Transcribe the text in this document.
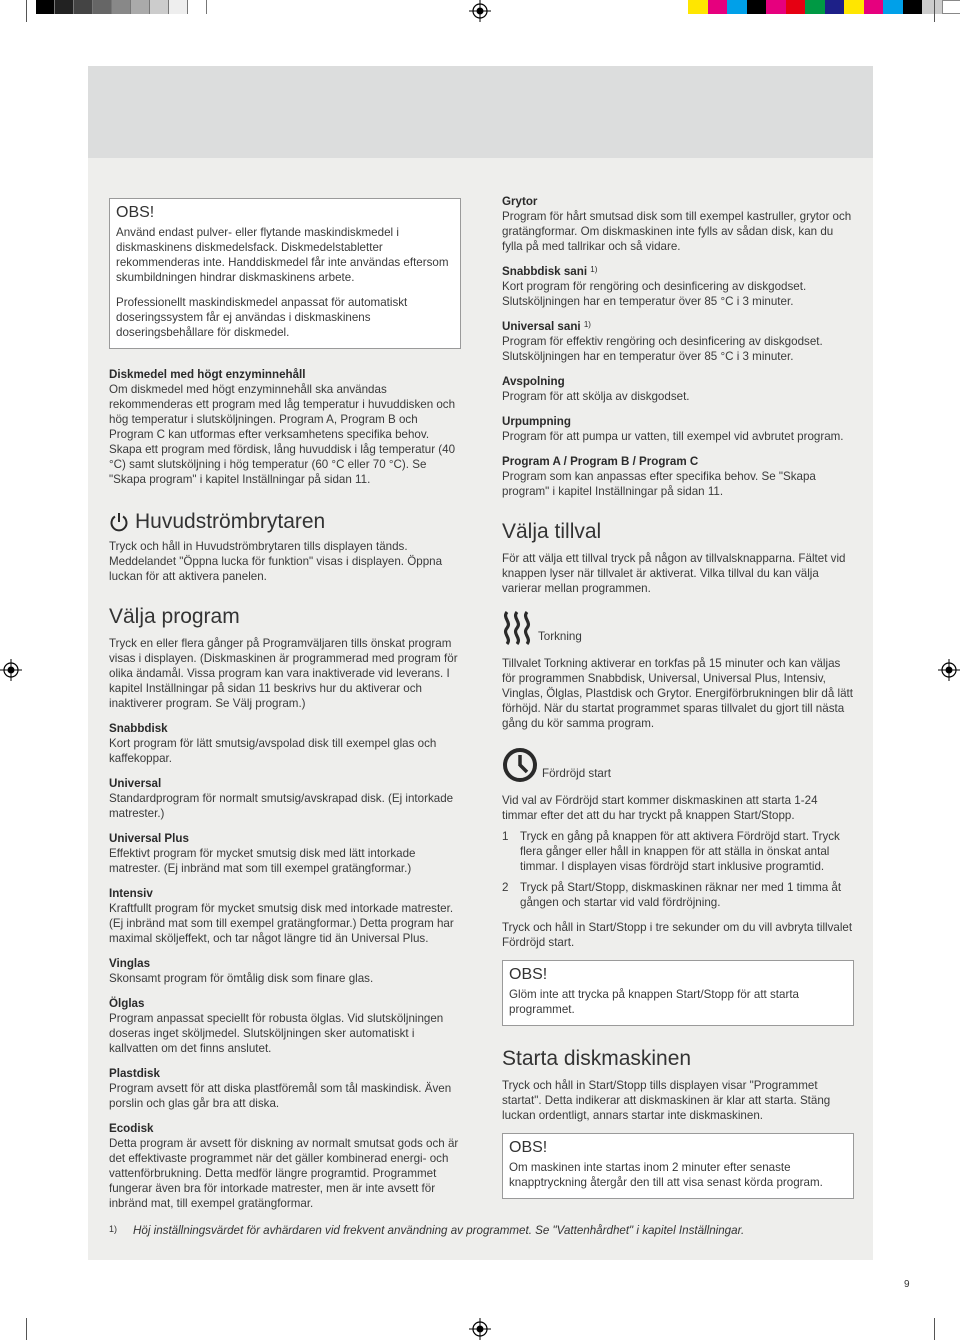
OBS!

Använd endast pulver- eller flytande maskindiskmedel i diskmaskinens diskmedelsfack. Diskmedelstabletter rekommenderas inte. Handdiskmedel får inte användas eftersom skumbildningen hindrar diskmaskinens arbete.

Professionellt maskindiskmedel anpassat för automatiskt doseringssystem får ej användas i diskmaskinens doseringsbehållare för diskmedel.

Diskmedel med högt enzyminnehåll
Om diskmedel med högt enzyminnehåll ska användas rekommenderas ett program med låg temperatur i huvuddisken och hög temperatur i slutsköljningen. Program A, Program B och Program C kan utformas efter verksamhetens specifika behov. Skapa ett program med fördisk, lång huvuddisk i låg temperatur (40 °C) samt slutsköljning i hög temperatur (60 °C eller 70 °C). Se "Skapa program" i kapitel Inställningar på sidan 11.
Huvudströmbrytaren
Tryck och håll in Huvudströmbrytaren tills displayen tänds. Meddelandet "Öppna lucka för funktion" visas i displayen. Öppna luckan för att aktivera panelen.
Välja program
Tryck en eller flera gånger på Programväljaren tills önskat program visas i displayen. (Diskmaskinen är programmerad med program för olika ändamål. Vissa program kan vara inaktiverade vid leverans. I kapitel Inställningar på sidan 11 beskrivs hur du aktiverar och inaktiverer program. Se Välj program.)
Snabbdisk
Kort program för lätt smutsig/avspolad disk till exempel glas och kaffekoppar.
Universal
Standardprogram för normalt smutsig/avskrapad disk. (Ej intorkade matrester.)
Universal Plus
Effektivt program för mycket smutsig disk med lätt intorkade matrester. (Ej inbränd mat som till exempel gratängformar.)
Intensiv
Kraftfullt program för mycket smutsig disk med intorkade matrester. (Ej inbränd mat som till exempel gratängformar.) Detta program har maximal sköljeffekt, och tar något längre tid än Universal Plus.
Vinglas
Skonsamt program för ömtålig disk som finare glas.
Ölglas
Program anpassat speciellt för robusta ölglas. Vid slutsköljningen doseras inget sköljmedel. Slutsköljningen sker automatiskt i kallvatten om det finns anslutet.
Plastdisk
Program avsett för att diska plastföremål som tål maskindisk. Även porslin och glas går bra att diska.
Ecodisk
Detta program är avsett för diskning av normalt smutsat gods och är det effektivaste programmet när det gäller kombinerad energi- och vattenförbrukning. Detta medför längre programtid. Programmet fungerar även bra för intorkade matrester, men är inte avsett för inbränd mat, till exempel gratängformar.
Grytor
Program för hårt smutsad disk som till exempel kastruller, grytor och gratängformar. Om diskmaskinen inte fylls av sådan disk, kan du fylla på med tallrikar och så vidare.
Snabbdisk sani $^{1)}$
Kort program för rengöring och desinficering av diskgodset. Slutsköljningen har en temperatur över 85 °C i 3 minuter.
Universal sani $^{1)}$
Program för effektiv rengöring och desinficering av diskgodset. Slutsköljningen har en temperatur över 85 °C i 3 minuter.
Avspolning
Program för att skölja av diskgodset.
Urpumpning
Program för att pumpa ur vatten, till exempel vid avbrutet program.
Program A / Program B / Program C
Program som kan anpassas efter specifika behov. Se "Skapa program" i kapitel Inställningar på sidan 11.
Välja tillval
För att välja ett tillval tryck på någon av tillvalsknapparna. Fältet vid knappen lyser när tillvalet är aktiverat. Vilka tillval du kan välja varierar mellan programmen.
Torkning
Tillvalet Torkning aktiverar en torkfas på 15 minuter och kan väljas för programmen Snabbdisk, Universal, Universal Plus, Intensiv, Vinglas, Ölglas, Plastdisk och Grytor. Energiförbrukningen blir då lätt förhöjd. När du startat programmet sparas tillvalet du gjort till nästa gång du kör samma program.
Fördröjd start
Vid val av Fördröjd start kommer diskmaskinen att starta 1-24 timmar efter det att du har tryckt på knappen Start/Stopp.
1 Tryck en gång på knappen för att aktivera Fördröjd start. Tryck flera gånger eller håll in knappen för att ställa in önskat antal timmar. I displayen visas fördröjd start inklusive programtid.
2 Tryck på Start/Stopp, diskmaskinen räknar ner med 1 timma åt gången och startar vid vald fördröjning.
Tryck och håll in Start/Stopp i tre sekunder om du vill avbryta tillvalet Fördröjd start.
OBS!

Glöm inte att trycka på knappen Start/Stopp för att starta programmet.

Starta diskmaskinen
Tryck och håll in Start/Stopp tills displayen visar "Programmet startat". Detta indikerar att diskmaskinen är klar att starta. Stäng luckan ordentligt, annars startar inte diskmaskinen.
OBS!

Om maskinen inte startas inom 2 minuter efter senaste knapptryckning återgår den till att visa senast körda program.

1)	Höj inställningsvärdet för avhärdaren vid frekvent användning av programmet. Se "Vattenhårdhet" i kapitel Inställningar.
9
